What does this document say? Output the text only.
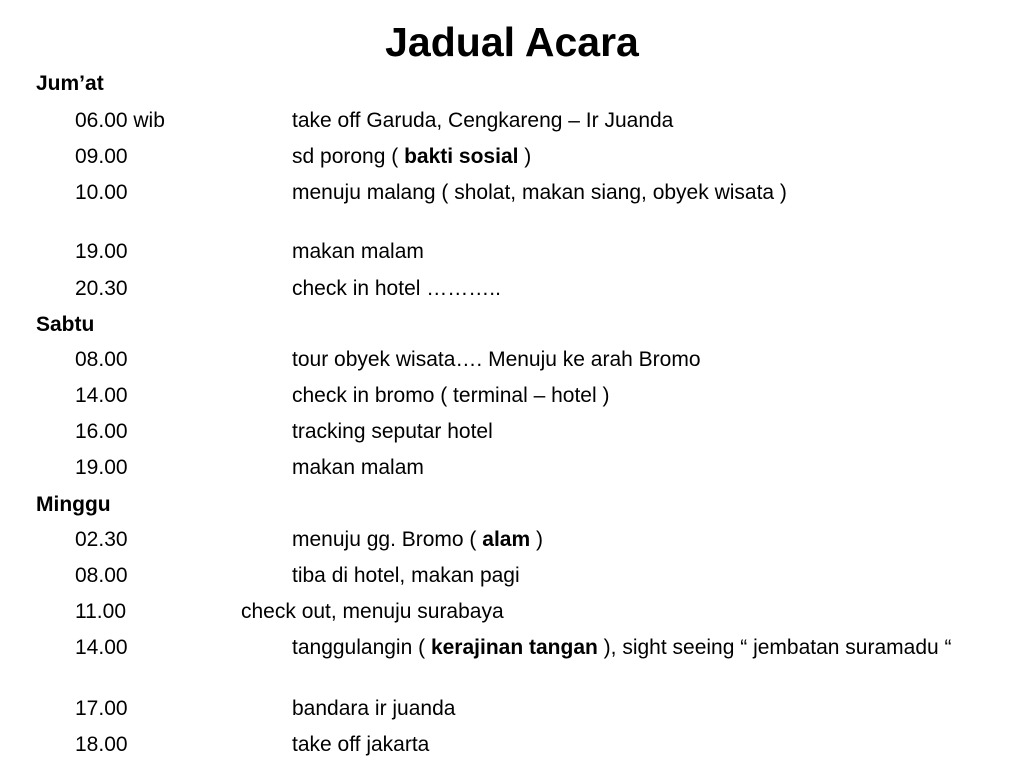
Jadual Acara
Jum’at
06.00 wib	take off Garuda, Cengkareng – Ir Juanda
09.00	sd porong ( bakti sosial )
10.00	menuju malang ( sholat, makan siang, obyek wisata )
19.00	makan malam
20.30	check in hotel ………..
Sabtu
08.00	tour obyek wisata…. Menuju ke arah Bromo
14.00	check in bromo ( terminal – hotel )
16.00	tracking seputar hotel
19.00	makan malam
Minggu
02.30	menuju gg. Bromo ( alam )
08.00	tiba di hotel, makan pagi
11.00	check out, menuju surabaya
14.00	tanggulangin ( kerajinan tangan ), sight seeing “ jembatan suramadu “
17.00	bandara ir juanda
18.00	take off jakarta
